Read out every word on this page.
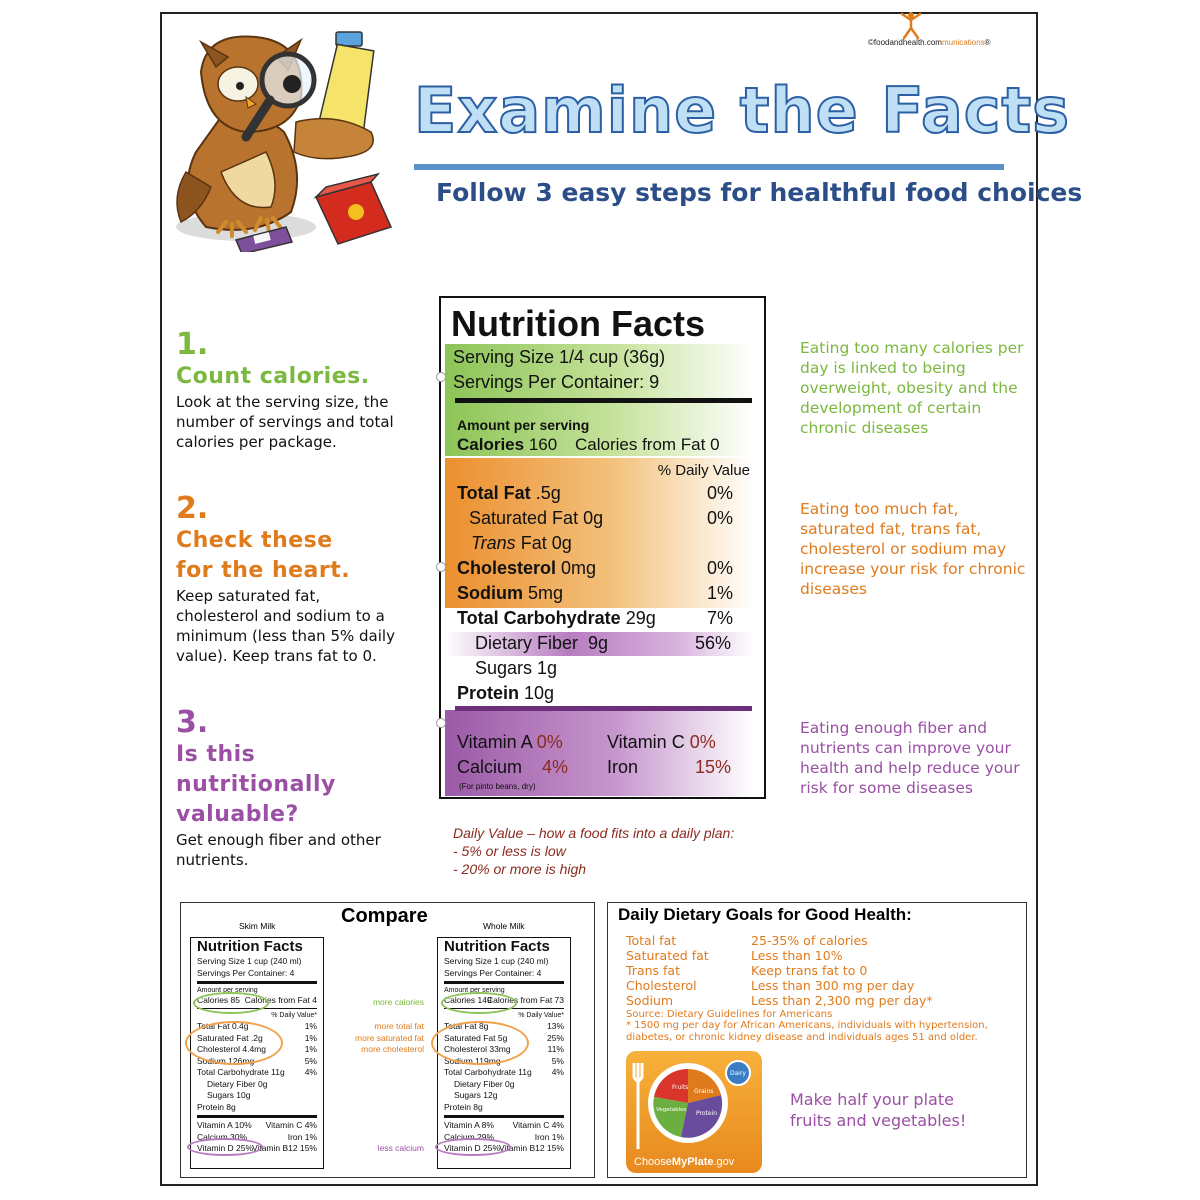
©foodandhealth.communications®
Examine the Facts
Follow 3 easy steps for healthful food choices
1.
Count calories.
Look at the serving size, the number of servings and total calories per package.
2.
Check these for the heart.
Keep saturated fat, cholesterol and sodium to a minimum (less than 5% daily value). Keep trans fat to 0.
3.
Is this nutritionally valuable?
Get enough fiber and other nutrients.
Nutrition Facts
Serving Size 1/4 cup (36g)
Servings Per Container: 9
Amount per serving
Calories 160 Calories from Fat 0
% Daily Value
Total Fat .5g	0%
Saturated Fat 0g	0%
Trans Fat 0g
Cholesterol 0mg	0%
Sodium 5mg	1%
Total Carbohydrate 29g	7%
Dietary Fiber 9g	56%
Sugars 1g
Protein 10g
Vitamin A 0% Vitamin C 0%
Calcium 4% Iron	15%
(For pinto beans, dry)
Eating too many calories per day is linked to being overweight, obesity and the development of certain chronic diseases
Eating too much fat, saturated fat, trans fat, cholesterol or sodium may increase your risk for chronic diseases
Eating enough fiber and nutrients can improve your health and help reduce your risk for some diseases
Daily Value – how a food fits into a daily plan:
- 5% or less is low
- 20% or more is high
Compare
Skim Milk	Whole Milk
Nutrition Facts
Serving Size 1 cup (240 ml)
Servings Per Container: 4
Amount per serving
Calories 85 Calories from Fat 4
% Daily Value*
Total Fat 0.4g	1%
Saturated Fat .2g	1%
Cholesterol 4.4mg	1%
Sodium 126mg	5%
Total Carbohydrate 11g 4%
Dietary Fiber 0g
Sugars 10g
Protein 8g
Vitamin A 10% Vitamin C 4%
Calcium 30%	Iron 1%
Vitamin D 25%
Vitamin B12 15%
Nutrition Facts
Serving Size 1 cup (240 ml)
Servings Per Container: 4
Amount per serving
Calories 149
Calories from Fat 73
% Daily Value*
Total Fat 8g	13%
Saturated Fat 5g	25%
Cholesterol 33mg	11%
Sodium 119mg	5%
Total Carbohydrate 11g 4%
Dietary Fiber 0g
Sugars 12g
Protein 8g
Vitamin A 8% Vitamin C 4%
Calcium 29%	Iron 1%
Vitamin D 25%
Vitamin B12 15%
more calories
more total fat
more saturated fat
more cholesterol
less calcium
Daily Dietary Goals for Good Health:
Total fat	25-35% of calories
Saturated fat	Less than 10%
Trans fat	Keep trans fat to 0
Cholesterol	Less than 300 mg per day
Sodium	Less than 2,300 mg per day*
Source: Dietary Guidelines for Americans
* 1500 mg per day for African Americans, individuals with hypertension, diabetes, or chronic kidney disease and individuals ages 51 and older.
Fruits
Grains
Vegetables Protein
Dairy
ChooseMyPlate.gov
Make half your plate fruits and vegetables!
